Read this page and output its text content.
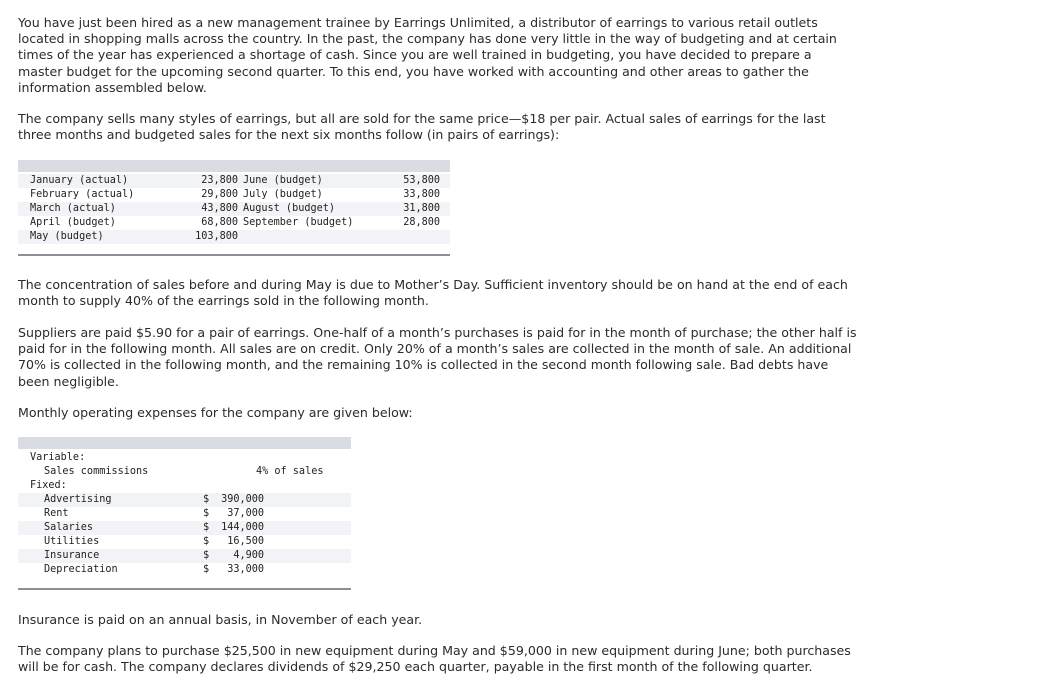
You have just been hired as a new management trainee by Earrings Unlimited, a distributor of earrings to various retail outlets located in shopping malls across the country. In the past, the company has done very little in the way of budgeting and at certain times of the year has experienced a shortage of cash. Since you are well trained in budgeting, you have decided to prepare a master budget for the upcoming second quarter. To this end, you have worked with accounting and other areas to gather the information assembled below.

The company sells many styles of earrings, but all are sold for the same price—$18 per pair. Actual sales of earrings for the last three months and budgeted sales for the next six months follow (in pairs of earrings):

January (actual)	23,800 June (budget)	53,800
February (actual)	29,800 July (budget)	33,800
March (actual)	43,800 August (budget)	31,800
April (budget)	68,800 September (budget)	28,800
May (budget)	103,800

The concentration of sales before and during May is due to Mother’s Day. Sufficient inventory should be on hand at the end of each month to supply 40% of the earrings sold in the following month.

Suppliers are paid $5.90 for a pair of earrings. One-half of a month’s purchases is paid for in the month of purchase; the other half is paid for in the following month. All sales are on credit. Only 20% of a month’s sales are collected in the month of sale. An additional 70% is collected in the following month, and the remaining 10% is collected in the second month following sale. Bad debts have been negligible.

Monthly operating expenses for the company are given below:

Variable:
Sales commissions	4% of sales
Fixed:
Advertising	$	390,000
Rent	$	37,000
Salaries	$	144,000
Utilities	$	16,500
Insurance	$	4,900
Depreciation	$	33,000

Insurance is paid on an annual basis, in November of each year.

The company plans to purchase $25,500 in new equipment during May and $59,000 in new equipment during June; both purchases will be for cash. The company declares dividends of $29,250 each quarter, payable in the first month of the following quarter.
